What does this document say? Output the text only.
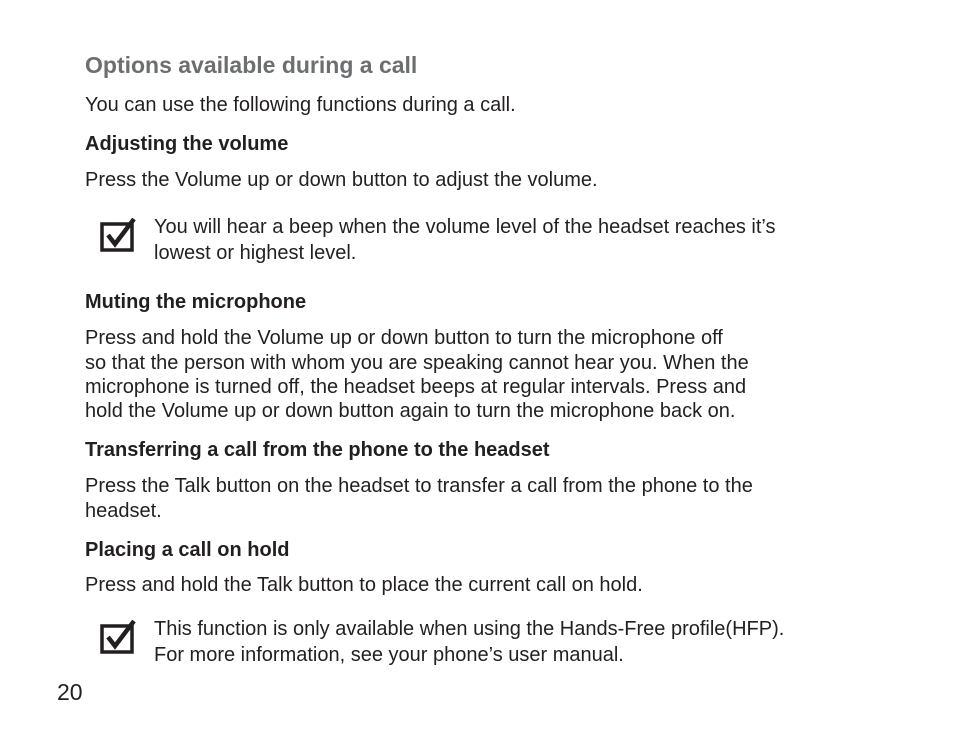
Options available during a call
You can use the following functions during a call.
Adjusting the volume
Press the Volume up or down button to adjust the volume.
You will hear a beep when the volume level of the headset reaches it’s
lowest or highest level.
Muting the microphone
Press and hold the Volume up or down button to turn the microphone off
so that the person with whom you are speaking cannot hear you. When the
microphone is turned off, the headset beeps at regular intervals. Press and
hold the Volume up or down button again to turn the microphone back on.
Transferring a call from the phone to the headset
Press the Talk button on the headset to transfer a call from the phone to the
headset.
Placing a call on hold
Press and hold the Talk button to place the current call on hold.
This function is only available when using the Hands-Free profile(HFP).
For more information, see your phone’s user manual.
20
